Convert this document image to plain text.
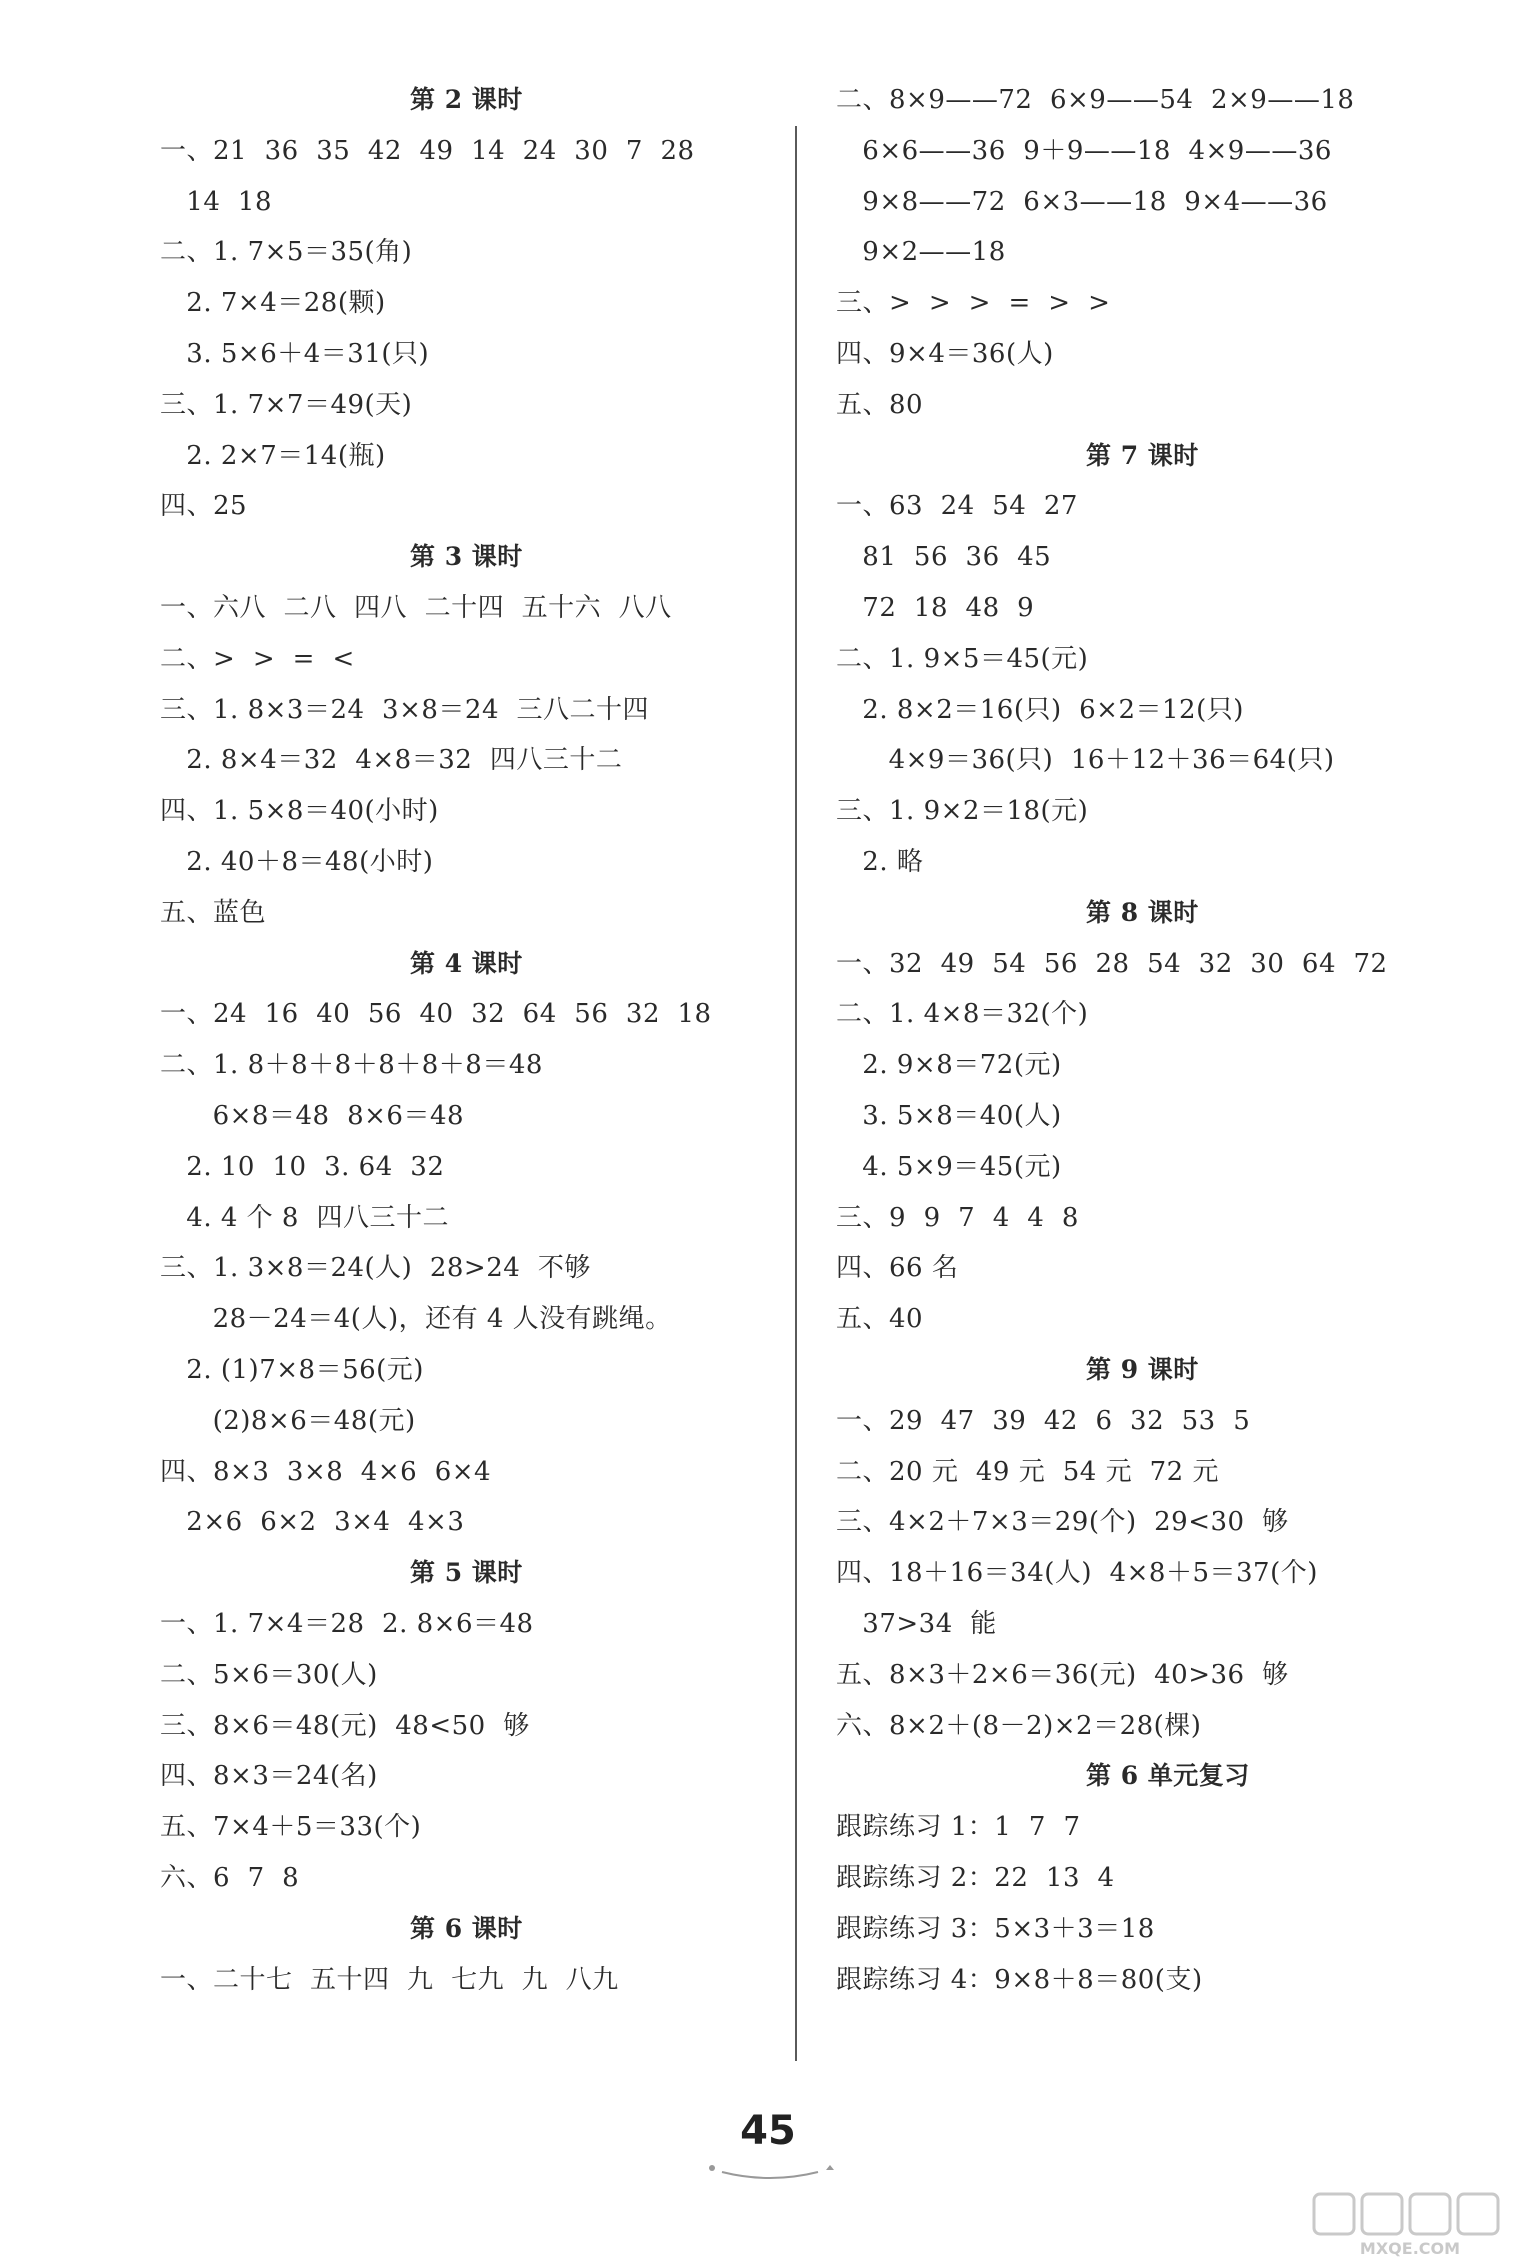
第 2 课时
一、21  36  35  42  49  14  24  30  7  28
14  18
二、1. 7×5＝35(角)
2. 7×4＝28(颗)
3. 5×6＋4＝31(只)
三、1. 7×7＝49(天)
2. 2×7＝14(瓶)
四、25
第 3 课时
一、六八  二八  四八  二十四  五十六  八八
二、>  >  =  <
三、1. 8×3＝24  3×8＝24  三八二十四
2. 8×4＝32  4×8＝32  四八三十二
四、1. 5×8＝40(小时)
2. 40＋8＝48(小时)
五、蓝色
第 4 课时
一、24  16  40  56  40  32  64  56  32  18
二、1. 8＋8＋8＋8＋8＋8＝48
6×8＝48  8×6＝48
2. 10  10  3. 64  32
4. 4 个 8  四八三十二
三、1. 3×8＝24(人)  28>24  不够
28－24＝4(人)，还有 4 人没有跳绳。
2. (1)7×8＝56(元)
(2)8×6＝48(元)
四、8×3  3×8  4×6  6×4
2×6  6×2  3×4  4×3
第 5 课时
一、1. 7×4＝28  2. 8×6＝48
二、5×6＝30(人)
三、8×6＝48(元)  48<50  够
四、8×3＝24(名)
五、7×4＋5＝33(个)
六、6  7  8
第 6 课时
一、二十七  五十四  九  七九  九  八九
二、8×9——72  6×9——54  2×9——18
6×6——36  9＋9——18  4×9——36
9×8——72  6×3——18  9×4——36
9×2——18
三、>  >  >  =  >  >
四、9×4＝36(人)
五、80
第 7 课时
一、63  24  54  27
81  56  36  45
72  18  48  9
二、1. 9×5＝45(元)
2. 8×2＝16(只)  6×2＝12(只)
4×9＝36(只)  16＋12＋36＝64(只)
三、1. 9×2＝18(元)
2. 略
第 8 课时
一、32  49  54  56  28  54  32  30  64  72
二、1. 4×8＝32(个)
2. 9×8＝72(元)
3. 5×8＝40(人)
4. 5×9＝45(元)
三、9  9  7  4  4  8
四、66 名
五、40
第 9 课时
一、29  47  39  42  6  32  53  5
二、20 元  49 元  54 元  72 元
三、4×2＋7×3＝29(个)  29<30  够
四、18＋16＝34(人)  4×8＋5＝37(个)
37>34  能
五、8×3＋2×6＝36(元)  40>36  够
六、8×2＋(8－2)×2＝28(棵)
第 6 单元复习
跟踪练习 1：1  7  7
跟踪练习 2：22  13  4
跟踪练习 3：5×3＋3＝18
跟踪练习 4：9×8＋8＝80(支)
45
MXQE.COM
